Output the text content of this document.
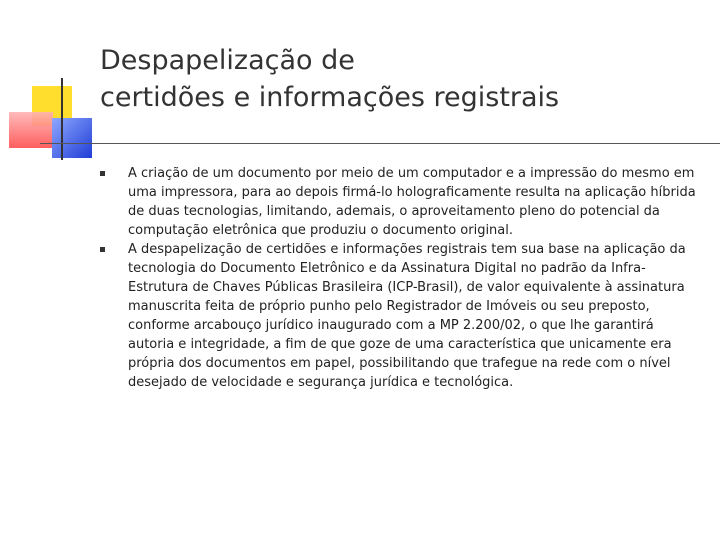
Despapelização de
certidões e informações registrais
A criação de um documento por meio de um computador e a impressão do mesmo em uma impressora, para ao depois firmá-lo holograficamente resulta na aplicação híbrida de duas tecnologias, limitando, ademais, o aproveitamento pleno do potencial da computação eletrônica que produziu o documento original.
A despapelização de certidões e informações registrais tem sua base na aplicação da tecnologia do Documento Eletrônico e da Assinatura Digital no padrão da Infra-Estrutura de Chaves Públicas Brasileira (ICP-Brasil), de valor equivalente à assinatura manuscrita feita de próprio punho pelo Registrador de Imóveis ou seu preposto, conforme arcabouço jurídico inaugurado com a MP 2.200/02, o que lhe garantirá autoria e integridade, a fim de que goze de uma característica que unicamente era própria dos documentos em papel, possibilitando que trafegue na rede com o nível desejado de velocidade e segurança jurídica e tecnológica.
